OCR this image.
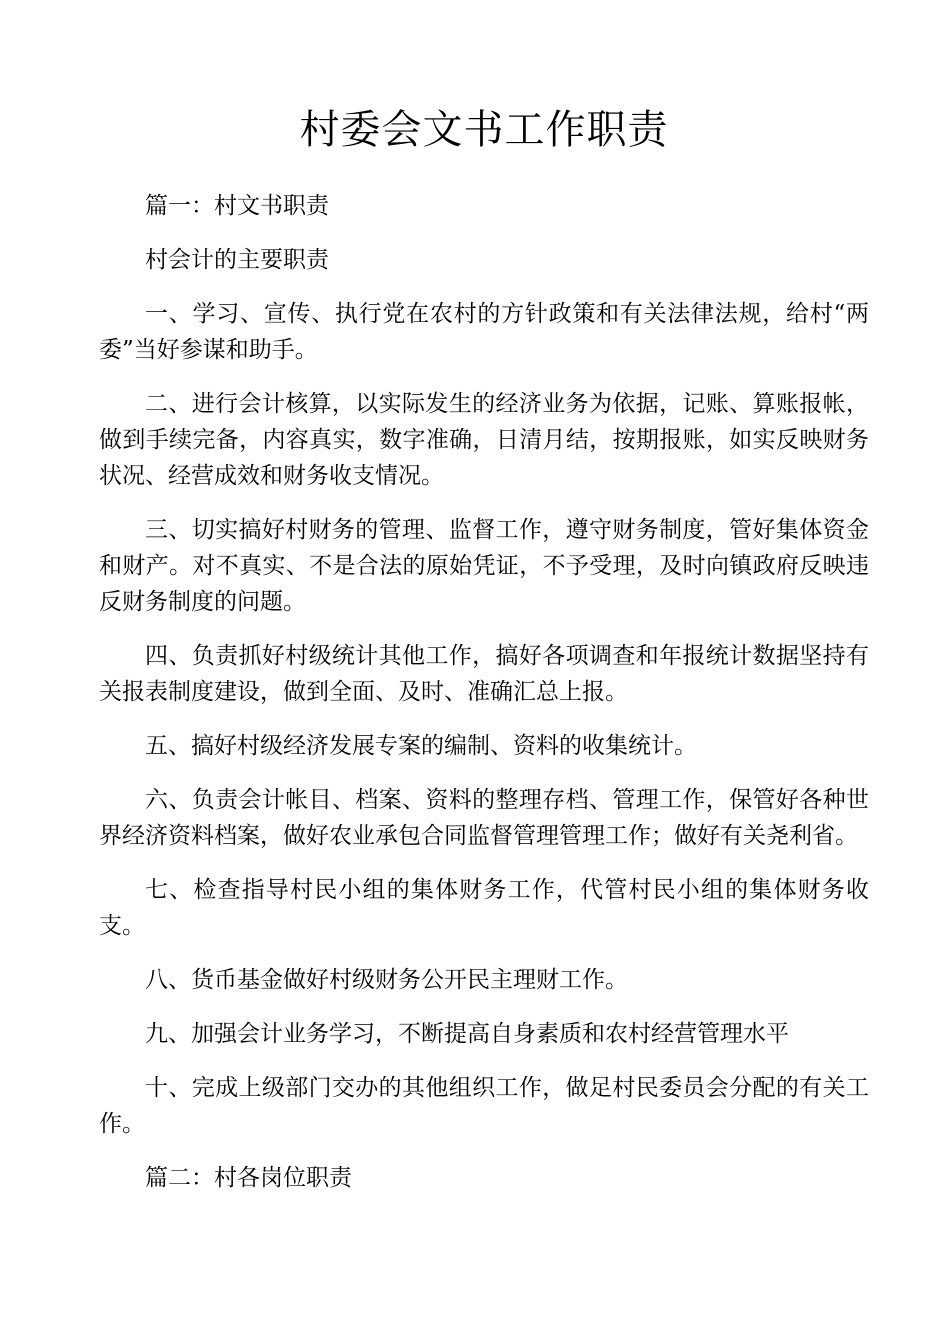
村委会文书工作职责

篇一：村文书职责

村会计的主要职责

一、学习、宣传、执行党在农村的方针政策和有关法律法规，给村“两委”当好参谋和助手。

二、进行会计核算，以实际发生的经济业务为依据，记账、算账报帐，做到手续完备，内容真实，数字准确，日清月结，按期报账，如实反映财务状况、经营成效和财务收支情况。

三、切实搞好村财务的管理、监督工作，遵守财务制度，管好集体资金和财产。对不真实、不是合法的原始凭证，不予受理，及时向镇政府反映违反财务制度的问题。

四、负责抓好村级统计其他工作，搞好各项调查和年报统计数据坚持有关报表制度建设，做到全面、及时、准确汇总上报。

五、搞好村级经济发展专案的编制、资料的收集统计。

六、负责会计帐目、档案、资料的整理存档、管理工作，保管好各种世界经济资料档案，做好农业承包合同监督管理管理工作；做好有关尧利省。

七、检查指导村民小组的集体财务工作，代管村民小组的集体财务收支。

八、货币基金做好村级财务公开民主理财工作。

九、加强会计业务学习，不断提高自身素质和农村经营管理水平

十、完成上级部门交办的其他组织工作，做足村民委员会分配的有关工作。

篇二：村各岗位职责
